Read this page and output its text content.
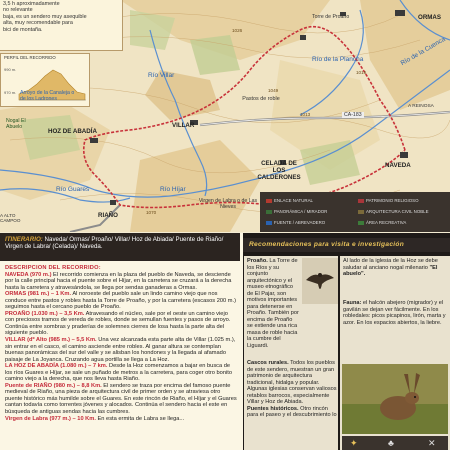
3,5 h aproximadamente
no relevante
baja, es un sendero muy asequible
alta, muy recomendable para
bici de montaña.
PERFIL DEL RECORRIDO
990 m.
970 m.
ORMAS
Torre de Proaño
HOZ DE ABADÍA
VILLAR
CELADA DE LOS CALDERONES
NAVEDA
RIAÑO
Nogal El Abuelo
Virgen de Labra o de Las Nieves
Pastos de roble
Arroyo de la Canaleja o de los Ladrones
Río Villar
Río Híjar
Río Guares
Río de la Cuenca
Río de la Plancha
CA-183
A REINOSA
A ALTO CAMPOO
1026
1015
1013
1070
1049
ENLACE NATURAL
PANORÁMICA / MIRADOR
FUENTE / ABREVADERO
PATRIMONIO RELIGIOSO
ARQUITECTURA CIVIL NOBLE
ÁREA RECREATIVA
ITINERARIO: Naveda/ Ormas/ Proaño/ Villar/ Hoz de Abiada/ Puente de Riaño/ Virgen de Labra/ (Celada)/ Naveda.
DESCRIPCIÓN DEL RECORRIDO:
NAVEDA (970 m.) El recorrido comienza en la plaza del pueblo de Naveda, se desciende por la calle principal hacia el puente sobre el Híjar, en la carretera se cruzará a la derecha hasta la carretera y atravesándola, se llega por sendas ganaderas a Ormas.
ORMAS (981 m.) – 1 Km. Al noroeste del pueblo sale un lindo camino viejo que nos conduce entre pastos y robles hasta la Torre de Proaño, y por la carretera (escasos 200 m.) seguimos hasta el cercano pueblo de Proaño.
PROAÑO (1.030 m.) – 3,5 Km. Atravesando el núcleo, sale por el oeste un camino viejo con preciosos tramos de vereda de robles, donde se semullan fuentes y pasos de arroyo. Continúa entre sombras y praderías de solemnes cierres de losa hasta la parte alta del siguiente pueblo.
VILLAR (dº Alto (985 m.) – 5,5 Km. Una vez alcanzada esta parte alta de Villar (1.025 m.), sin entrar en el casco, el camino asciende entre robles. Al ganar altura se contemplan buenas panorámicas del sur del valle y se alisban los hondones y la llegada al afamado paisaje de La Joyanca. Cruzando agua portilla se llega a La Hoz.
LA HOZ DE ABADÍA (1.080 m.) – 7 km. Desde la Hoz comenzamos a bajar en busca de los ríos Guares e Híjar, se sale un puñado de metros a la carretera, para coger otro bonito camino viejo a la derecha, que nos lleva hasta Riaño.
Puente de RIAÑO (980 m.) – 8,8 Km. El sendero se traza por encima del famoso puente medieval de Riaño, una pieza de arquitectura civil de primer orden y se atraviesa otro puente histórico más humilde sobre el Guares. En este rincón de Riaño, el Híjar y el Guares cantan todavía como torrentes jóvenes y alocados. Continúa el sendero hacia el este en búsqueda de antiguas sendas hacia las cumbres.
Virgen de Labra (977 m.) – 10 Km. En esta ermita de Labra se llega...
Recomendaciones para visita e investigación
Proaño. La Torre de los Ríos y su conjunto arquitectónico y el museo etnográfico de El Pajar, son motivos importantes para detenerse en Proaño. También por encima de Proaño se extiende una rica masa de roble hacia la cumbre del Liguardi.
Cascos rurales. Todos los pueblos de este sendero, muestran un gran patrimonio de arquitectura tradicional, hidalga y popular. Algunas iglesias conservan valiosos retablos barrocos, especialmente Villar y Hoz de Abiada.
Puentes históricos. Otro rincón para el paseo y el descubrimiento lo
Al lado de la iglesia de la Hoz se debe saludar al anciano nogal milenario "El abuelo".
Fauna: el halcón abejero (migrador) y el gavilán se dejan ver fácilmente. En los robledales: picos picapinos, lirón, marta y azor. En los espacios abiertos, la liebre.
✦	♣	✕
